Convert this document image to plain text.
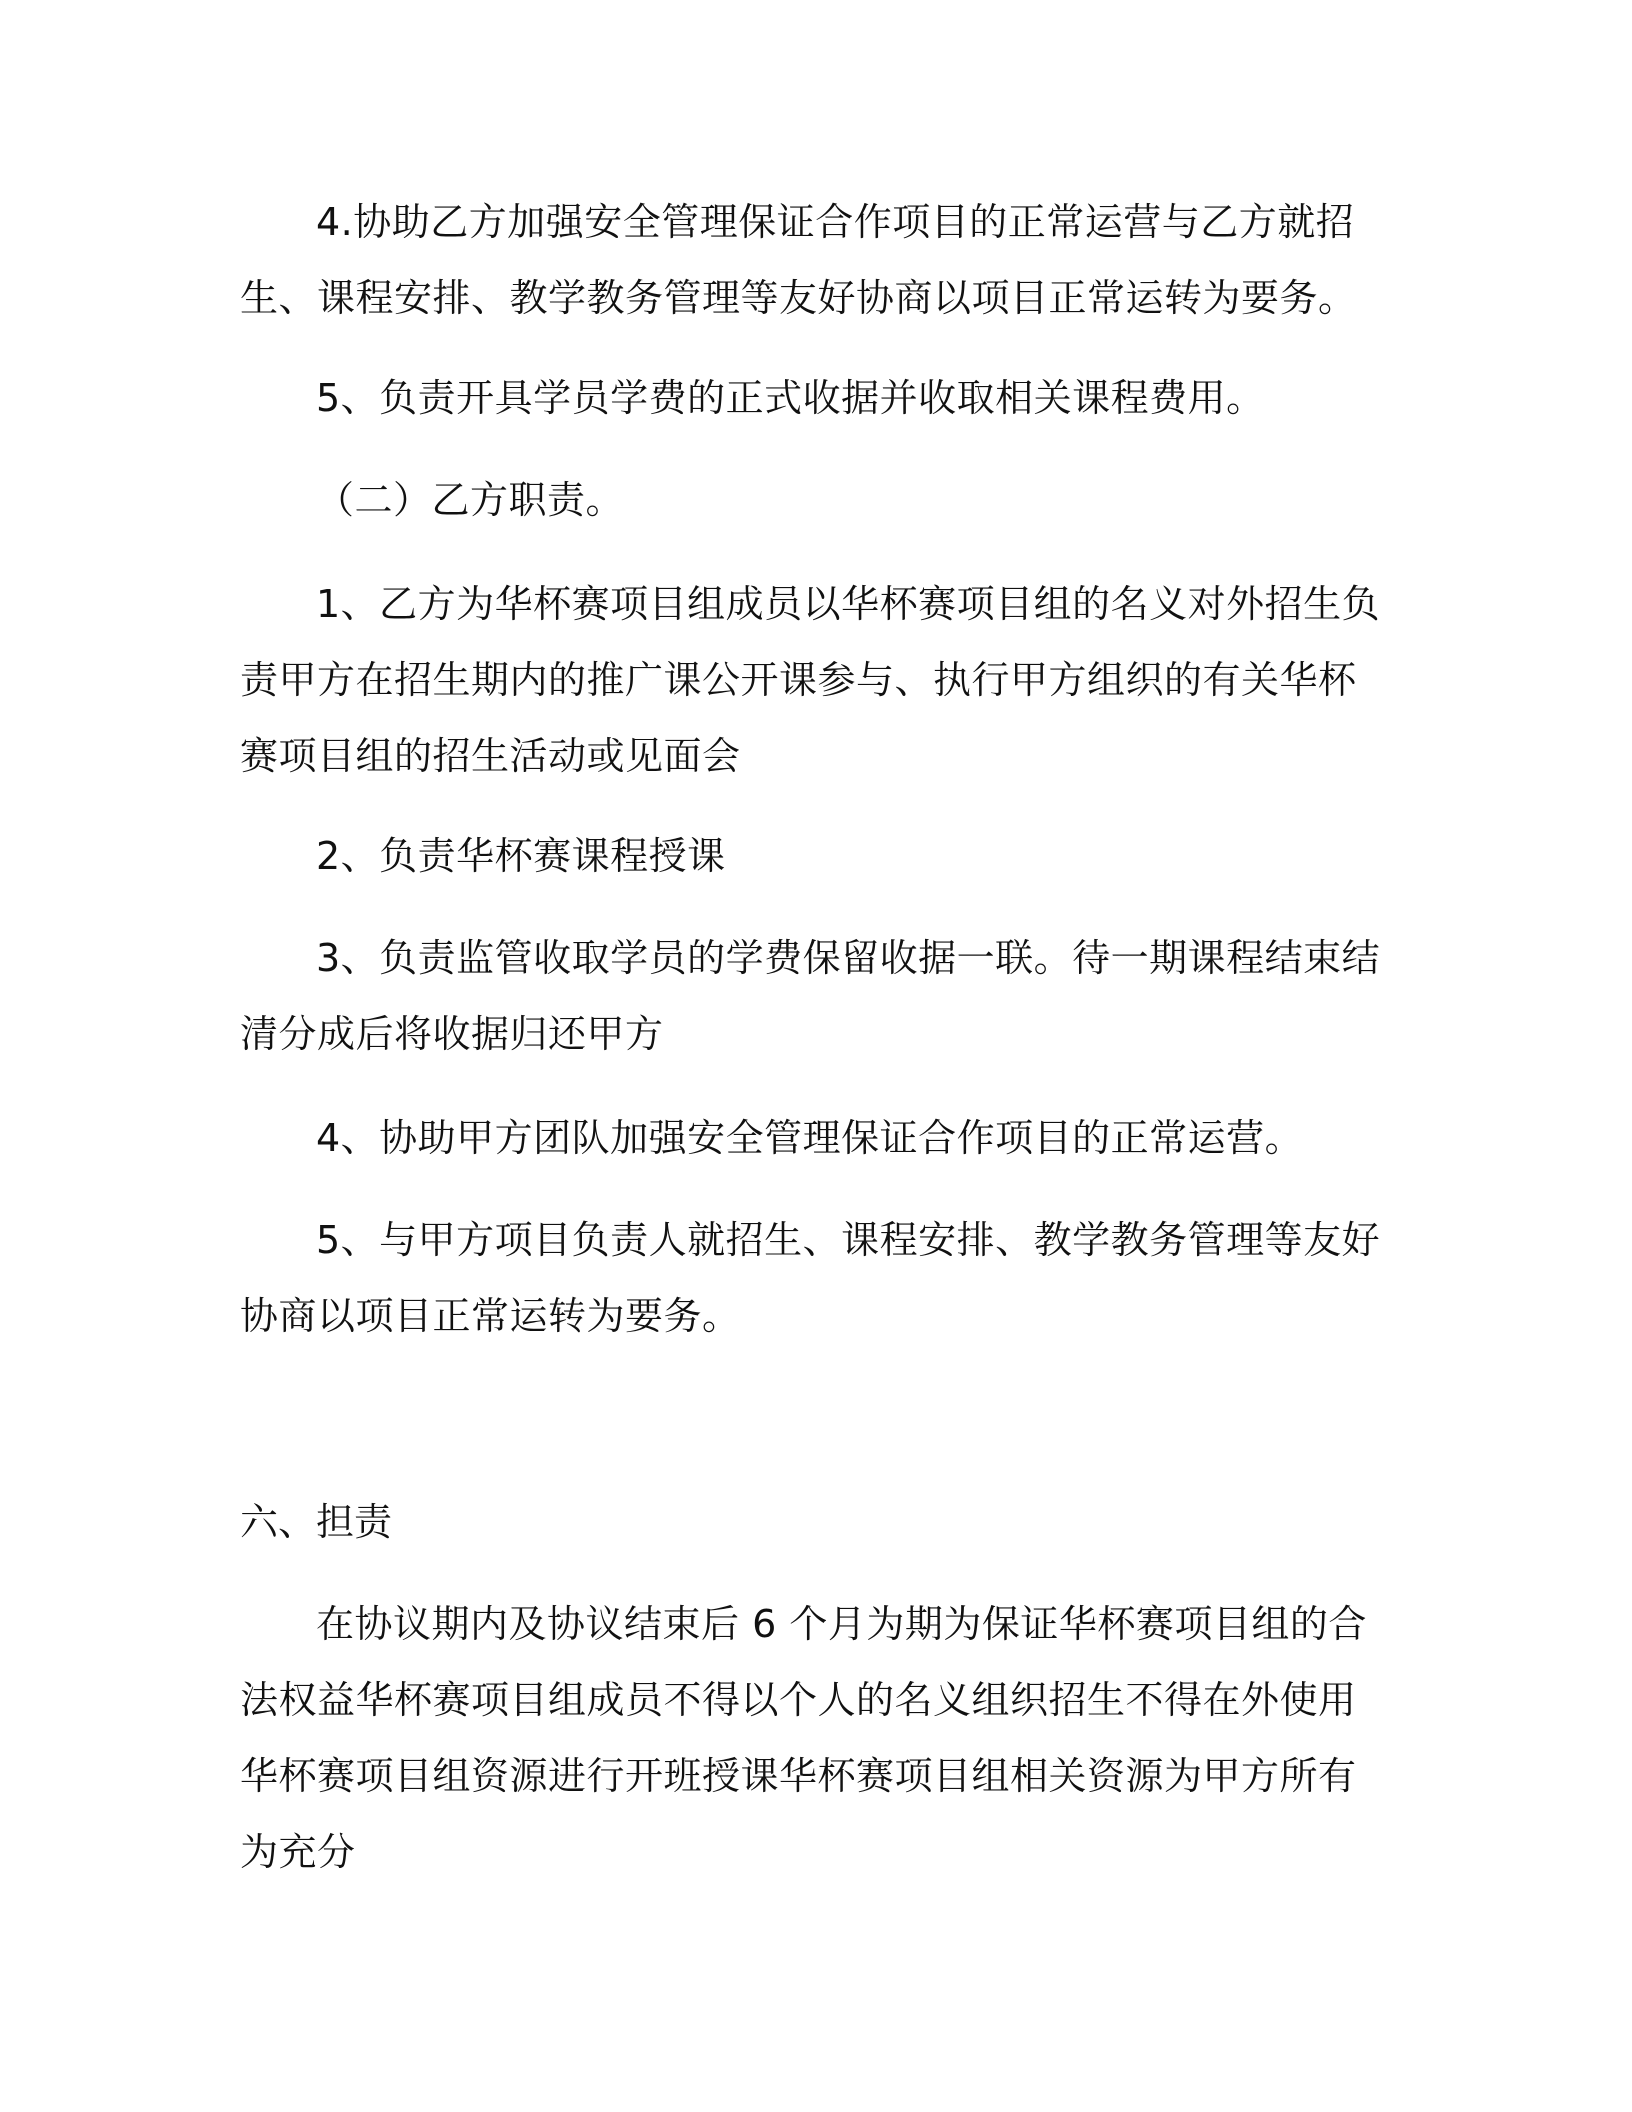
4.协助乙方加强安全管理保证合作项目的正常运营与乙方就招生、课程安排、教学教务管理等友好协商以项目正常运转为要务。

5、负责开具学员学费的正式收据并收取相关课程费用。

（二）乙方职责。

1、乙方为华杯赛项目组成员以华杯赛项目组的名义对外招生负责甲方在招生期内的推广课公开课参与、执行甲方组织的有关华杯赛项目组的招生活动或见面会

2、负责华杯赛课程授课

3、负责监管收取学员的学费保留收据一联。待一期课程结束结清分成后将收据归还甲方

4、协助甲方团队加强安全管理保证合作项目的正常运营。

5、与甲方项目负责人就招生、课程安排、教学教务管理等友好协商以项目正常运转为要务。

六、担责

在协议期内及协议结束后 6 个月为期为保证华杯赛项目组的合法权益华杯赛项目组成员不得以个人的名义组织招生不得在外使用华杯赛项目组资源进行开班授课华杯赛项目组相关资源为甲方所有为充分
